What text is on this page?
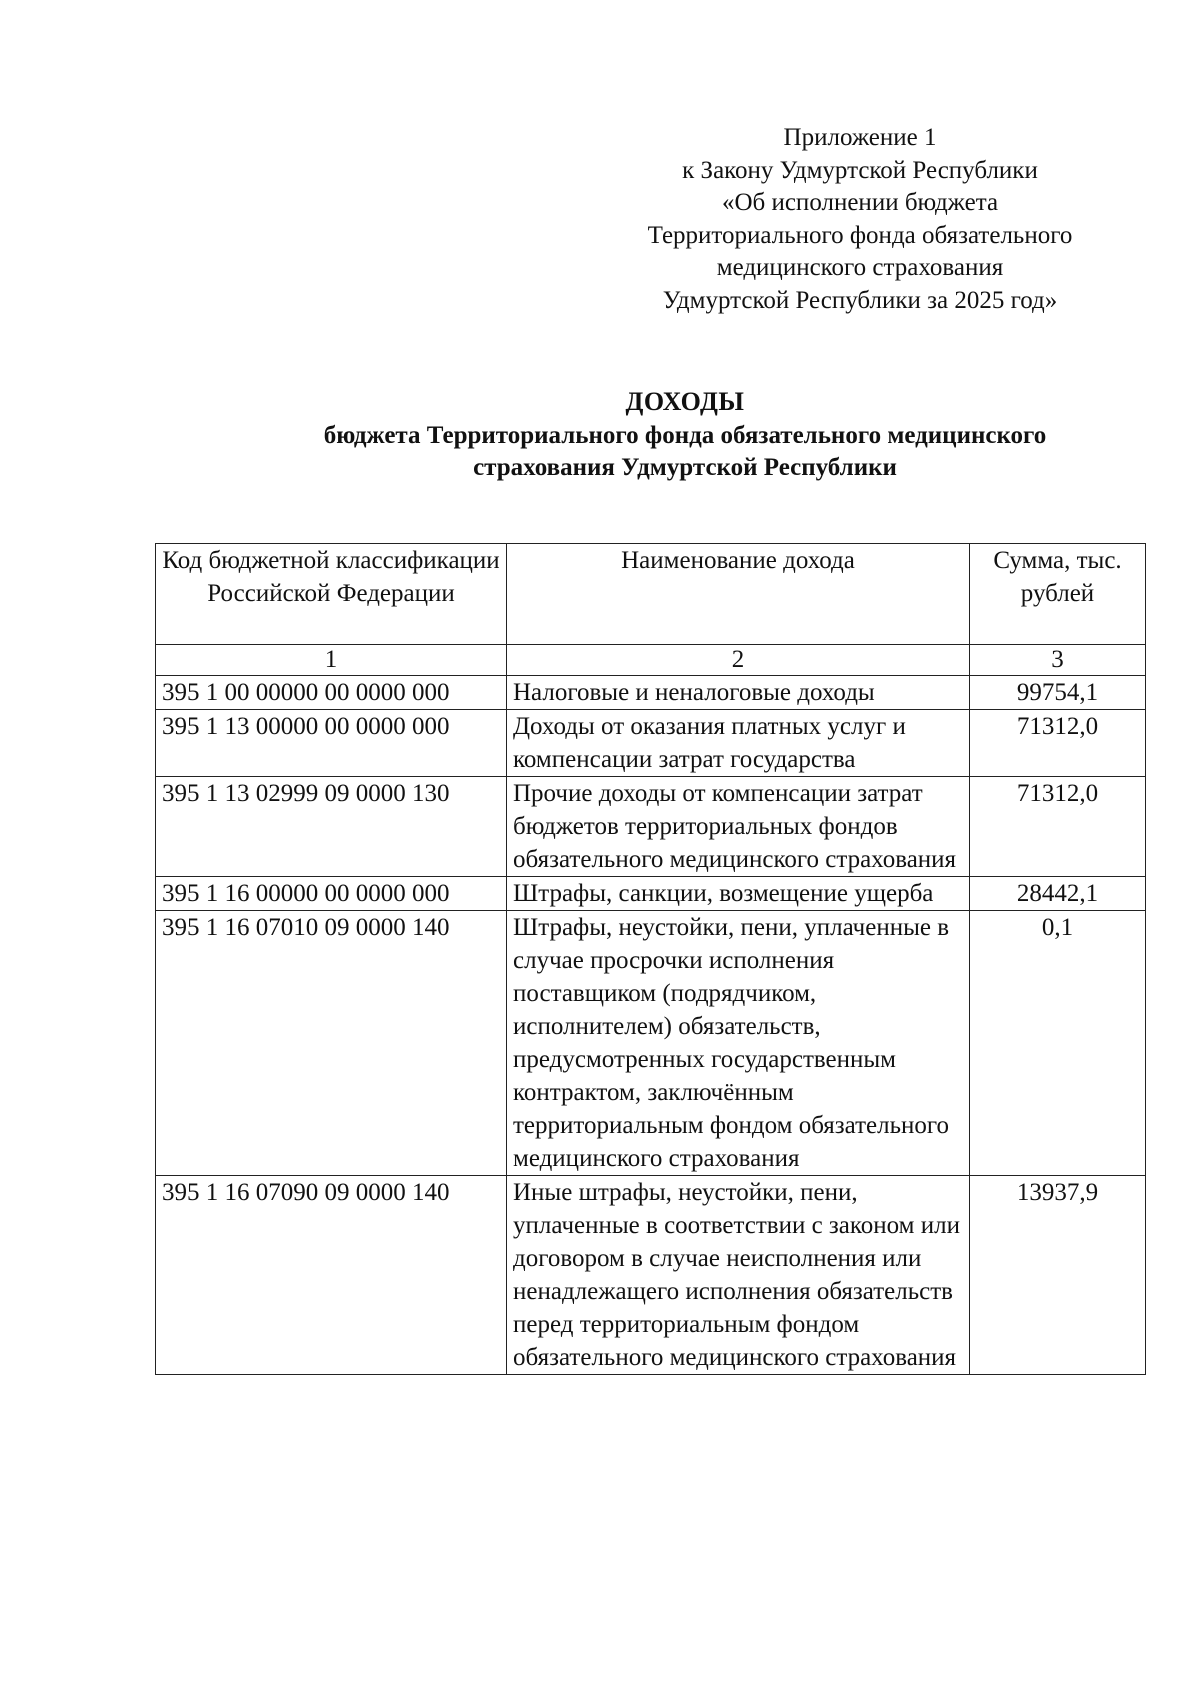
Приложение 1
к Закону Удмуртской Республики
«Об исполнении бюджета
Территориального фонда обязательного
медицинского страхования
Удмуртской Республики за 2025 год»
ДОХОДЫ
бюджета Территориального фонда обязательного медицинского
страхования Удмуртской Республики
Код бюджетной классификации Российской Федерации	Наименование дохода	Сумма, тыс. рублей
1	2	3
395 1 00 00000 00 0000 000	Налоговые и неналоговые доходы	99754,1
395 1 13 00000 00 0000 000	Доходы от оказания платных услуг и компенсации затрат государства	71312,0
395 1 13 02999 09 0000 130	Прочие доходы от компенсации затрат бюджетов территориальных фондов обязательного медицинского страхования	71312,0
395 1 16 00000 00 0000 000	Штрафы, санкции, возмещение ущерба	28442,1
395 1 16 07010 09 0000 140	Штрафы, неустойки, пени, уплаченные в случае просрочки исполнения поставщиком (подрядчиком, исполнителем) обязательств, предусмотренных государственным контрактом, заключённым территориальным фондом обязательного медицинского страхования	0,1
395 1 16 07090 09 0000 140	Иные штрафы, неустойки, пени, уплаченные в соответствии с законом или договором в случае неисполнения или ненадлежащего исполнения обязательств перед территориальным фондом обязательного медицинского страхования	13937,9
